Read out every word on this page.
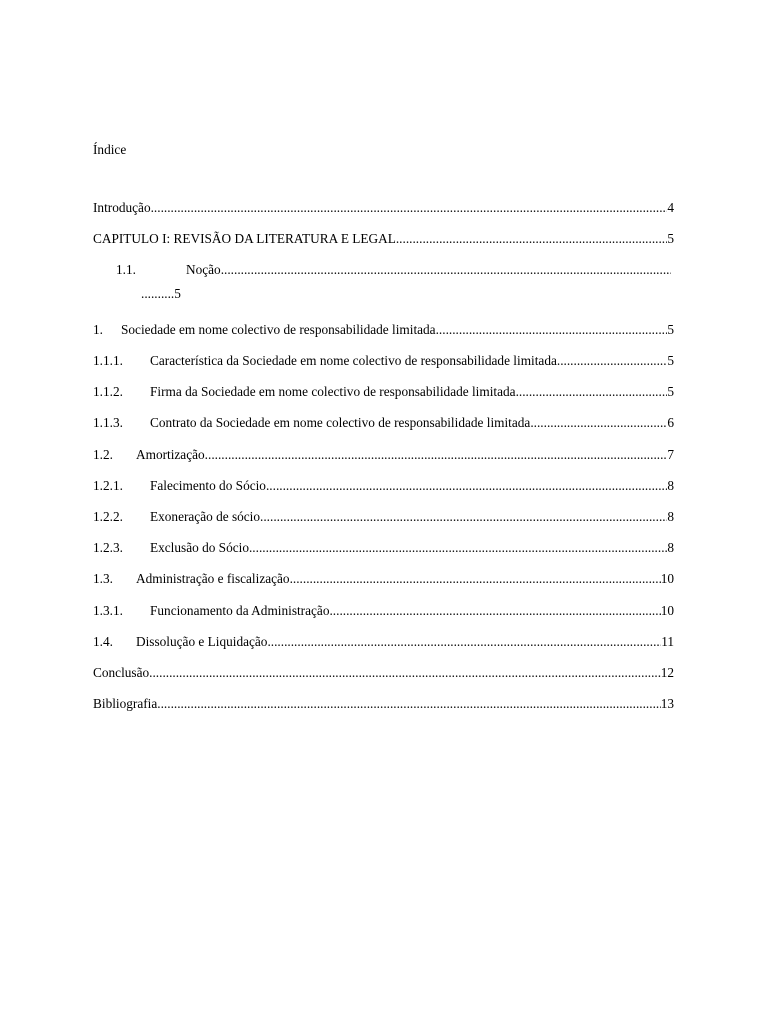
Índice
Introdução .....	4
CAPITULO I: REVISÃO DA LITERATURA E LEGAL .....	5
1.1.	Noção
.....
..........5
1.	Sociedade em nome colectivo de responsabilidade limitada .....	5
1.1.1.	Característica da Sociedade em nome colectivo de responsabilidade limitada .....	5
1.1.2.	Firma da Sociedade em nome colectivo de responsabilidade limitada .....	5
1.1.3.	Contrato da Sociedade em nome colectivo de responsabilidade limitada .....	6
1.2.	Amortização .....	7
1.2.1.	Falecimento do Sócio .....	8
1.2.2.	Exoneração de sócio .....	8
1.2.3.	Exclusão do Sócio .....	8
1.3.	Administração e fiscalização .....	10
1.3.1.	Funcionamento da Administração .....	10
1.4.	Dissolução e Liquidação .....	11
Conclusão .....	12
Bibliografia .....	13
